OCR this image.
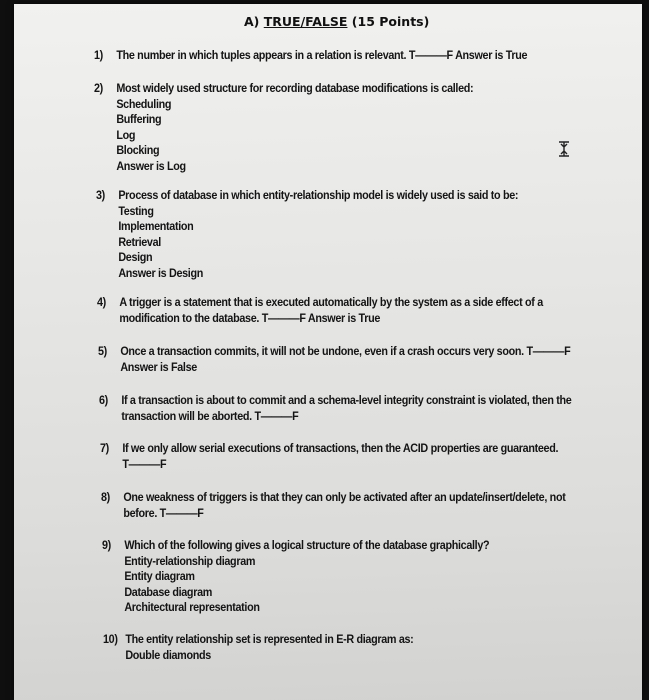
A) TRUE/FALSE (15 Points)
1) The number in which tuples appears in a relation is relevant. T———F Answer is True
2) Most widely used structure for recording database modifications is called:
Scheduling
Buffering
Log
Blocking
Answer is Log
3) Process of database in which entity-relationship model is widely used is said to be:
Testing
Implementation
Retrieval
Design
Answer is Design
4) A trigger is a statement that is executed automatically by the system as a side effect of a
modification to the database. T———F Answer is True
5) Once a transaction commits, it will not be undone, even if a crash occurs very soon. T———F
Answer is False
6) If a transaction is about to commit and a schema-level integrity constraint is violated, then the
transaction will be aborted. T———F
7) If we only allow serial executions of transactions, then the ACID properties are guaranteed.
T———F
8) One weakness of triggers is that they can only be activated after an update/insert/delete, not
before. T———F
9) Which of the following gives a logical structure of the database graphically?
Entity-relationship diagram
Entity diagram
Database diagram
Architectural representation
10) The entity relationship set is represented in E-R diagram as:
Double diamonds
